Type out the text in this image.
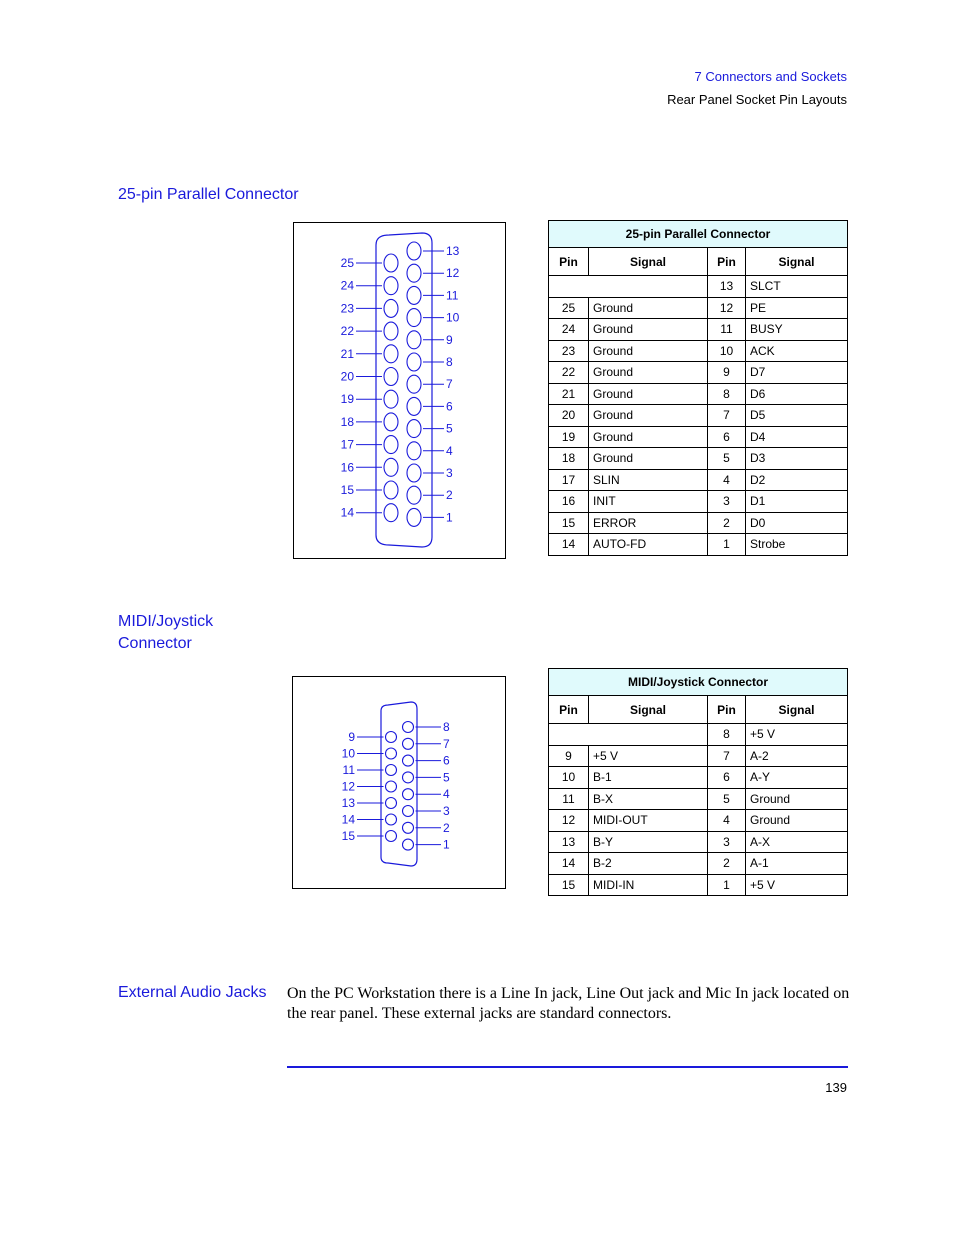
7 Connectors and Sockets
Rear Panel Socket Pin Layouts
25-pin Parallel Connector
25
24
23
22
21
20
19
18
17
16
15
14
13
12
11
10
9
8
7
6
5
4
3
2
1
25-pin Parallel Connector			
Pin	Signal	Pin	Signal
		13	SLCT
25	Ground	12	PE
24	Ground	11	BUSY
23	Ground	10	ACK
22	Ground	9	D7
21	Ground	8	D6
20	Ground	7	D5
19	Ground	6	D4
18	Ground	5	D3
17	SLIN	4	D2
16	INIT	3	D1
15	ERROR	2	D0
14	AUTO-FD	1	Strobe
MIDI/Joystick Connector
9
10
11
12
13
14
15
8
7
6
5
4
3
2
1
MIDI/Joystick Connector			
Pin	Signal	Pin	Signal
		8	+5 V
9	+5 V	7	A-2
10	B-1	6	A-Y
11	B-X	5	Ground
12	MIDI-OUT	4	Ground
13	B-Y	3	A-X
14	B-2	2	A-1
15	MIDI-IN	1	+5 V
External Audio Jacks	On the PC Workstation there is a Line In jack, Line Out jack and Mic In jack located on the rear panel. These external jacks are standard connectors.
139
